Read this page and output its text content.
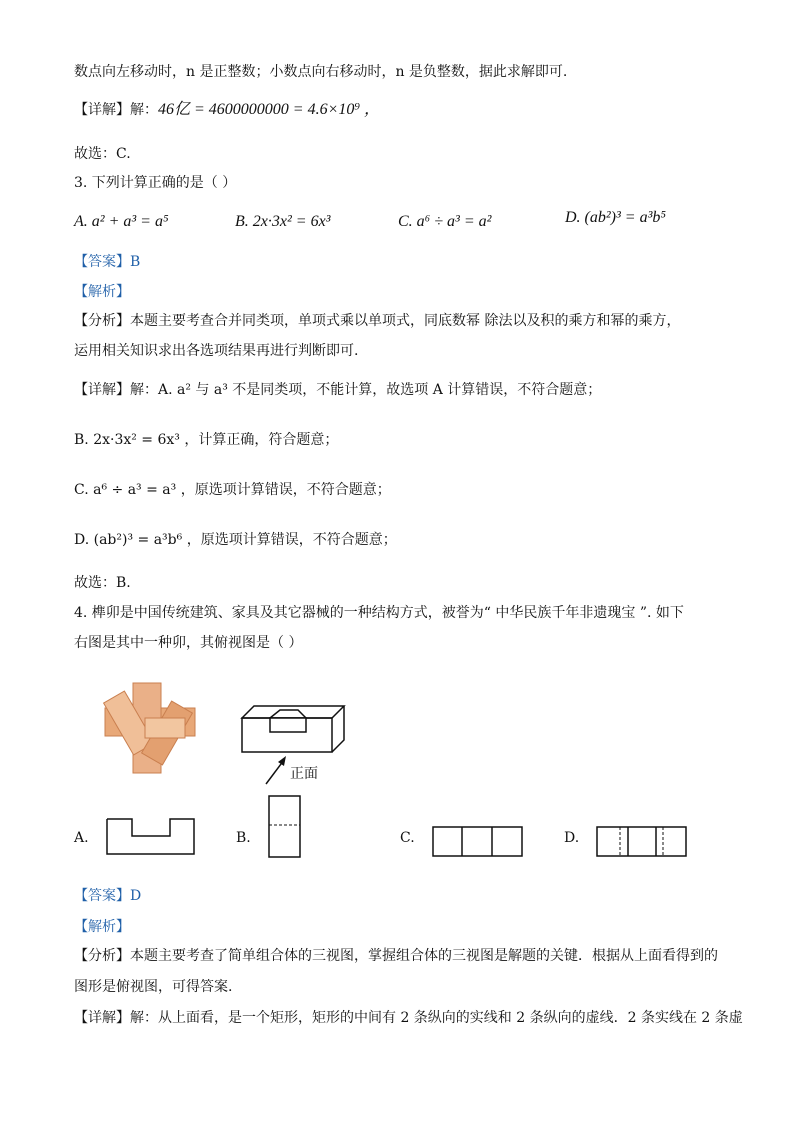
数点向左移动时，n 是正整数；小数点向右移动时，n 是负整数，据此求解即可.
【详解】解：46亿 = 4600000000 = 4.6×10⁹ ，
故选：C.
3. 下列计算正确的是（ ）
A. a² + a³ = a⁵	B. 2x·3x² = 6x³	C. a⁶ ÷ a³ = a²	D. (ab²)³ = a³b⁵
【答案】B
【解析】
【分析】本题主要考查合并同类项，单项式乘以单项式，同底数幂 除法以及积的乘方和幂的乘方，
运用相关知识求出各选项结果再进行判断即可.
【详解】解：A. a² 与 a³ 不是同类项，不能计算，故选项 A 计算错误，不符合题意；
B. 2x·3x² = 6x³ ，计算正确，符合题意；
C. a⁶ ÷ a³ = a³ ，原选项计算错误，不符合题意；
D. (ab²)³ = a³b⁶ ，原选项计算错误，不符合题意；
故选：B.
4. 榫卯是中国传统建筑、家具及其它器械的一种结构方式，被誉为“ 中华民族千年非遗瑰宝 ”. 如下
右图是其中一种卯，其俯视图是（ ）
正面
A.	B.	C.	D.
【答案】D
【解析】
【分析】本题主要考查了简单组合体的三视图，掌握组合体的三视图是解题的关键．根据从上面看得到的
图形是俯视图，可得答案.
【详解】解：从上面看，是一个矩形，矩形的中间有 2 条纵向的实线和 2 条纵向的虚线．2 条实线在 2 条虚
